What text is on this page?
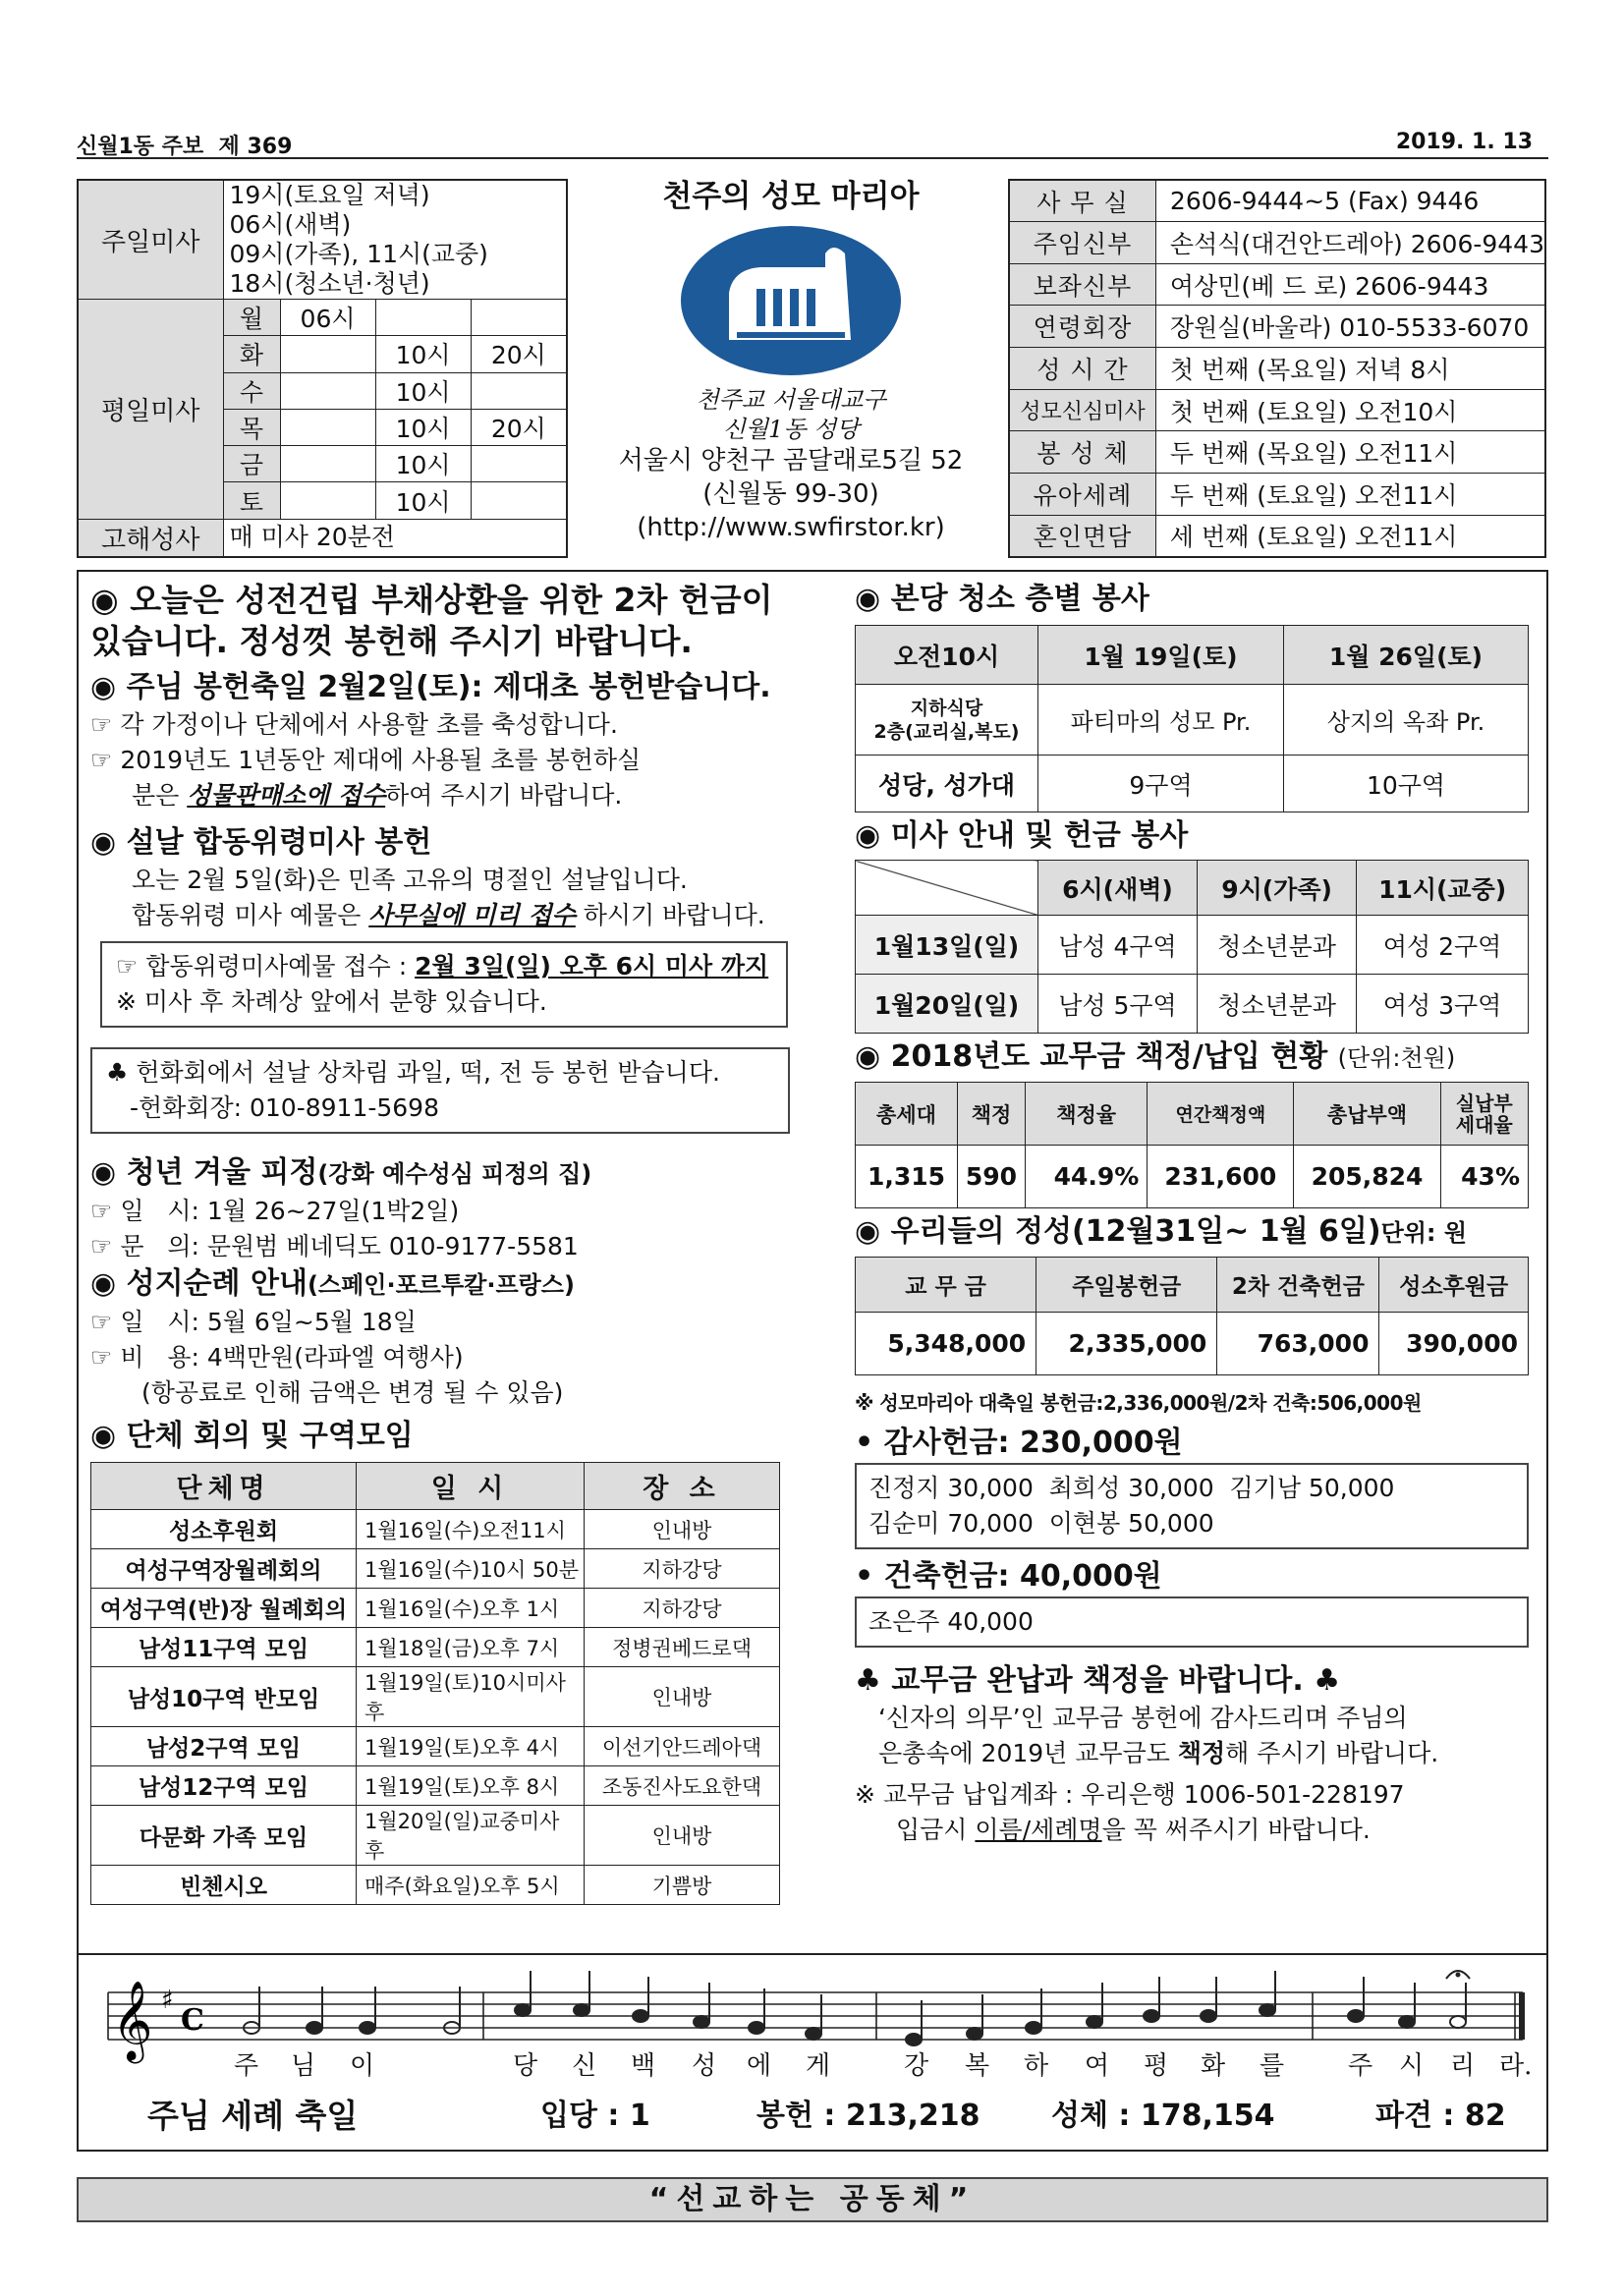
신월1동 주보  제 369	2019. 1. 13
주일미사	19시(토요일 저녁)
06시(새벽)
09시(가족), 11시(교중)
18시(청소년·청년)			

평일미사	월	06시		
	화		10시	20시
	수		10시	
	목		10시	20시
	금		10시	
	토		10시	
고해성사	매 미사 20분전			
천주의 성모 마리아
천주교 서울대교구
신월1동 성당
서울시 양천구 곰달래로5길 52
(신월동 99-30)
(http://www.swfirstor.kr)
사 무 실	2606-9444~5 (Fax) 9446
주임신부	손석식(대건안드레아) 2606-9443
보좌신부	여상민(베 드 로) 2606-9443
연령회장	장원실(바울라) 010-5533-6070
성 시 간	첫 번째 (목요일) 저녁 8시
성모신심미사	첫 번째 (토요일) 오전10시
봉 성 체	두 번째 (목요일) 오전11시
유아세례	두 번째 (토요일) 오전11시
혼인면담	세 번째 (토요일) 오전11시
◉ 오늘은 성전건립 부채상환을 위한 2차 헌금이
있습니다. 정성껏 봉헌해 주시기 바랍니다.
◉ 주님 봉헌축일 2월2일(토): 제대초 봉헌받습니다.
☞ 각 가정이나 단체에서 사용할 초를 축성합니다.
☞ 2019년도 1년동안 제대에 사용될 초를 봉헌하실
분은 성물판매소에 접수하여 주시기 바랍니다.
◉ 설날 합동위령미사 봉헌
오는 2월 5일(화)은 민족 고유의 명절인 설날입니다.
합동위령 미사 예물은 사무실에 미리 접수 하시기 바랍니다.
☞ 합동위령미사예물 접수 : 2월 3일(일) 오후 6시 미사 까지
※ 미사 후 차례상 앞에서 분향 있습니다.
♣ 헌화회에서 설날 상차림 과일, 떡, 전 등 봉헌 받습니다.
-헌화회장: 010-8911-5698
◉ 청년 겨울 피정(강화 예수성심 피정의 집)
☞ 일   시: 1월 26~27일(1박2일)
☞ 문   의: 문원범 베네딕도 010-9177-5581
◉ 성지순례 안내(스페인·포르투칼·프랑스)
☞ 일   시: 5월 6일~5월 18일
☞ 비   용: 4백만원(라파엘 여행사)
(항공료로 인해 금액은 변경 될 수 있음)
◉ 단체 회의 및 구역모임
단체명	일 시	장 소
성소후원회	1월16일(수)오전11시	인내방
여성구역장월례회의	1월16일(수)10시 50분	지하강당
여성구역(반)장 월례회의	1월16일(수)오후 1시	지하강당
남성11구역 모임	1월18일(금)오후 7시	정병권베드로댁
남성10구역 반모임	1월19일(토)10시미사 후	인내방
남성2구역 모임	1월19일(토)오후 4시	이선기안드레아댁
남성12구역 모임	1월19일(토)오후 8시	조동진사도요한댁
다문화 가족 모임	1월20일(일)교중미사 후	인내방
빈첸시오	매주(화요일)오후 5시	기쁨방
◉ 본당 청소 층별 봉사
오전10시	1월 19일(토)	1월 26일(토)

지하식당
2층(교리실,복도)	파티마의 성모 Pr.	상지의 옥좌 Pr.
성당, 성가대	9구역	10구역
◉ 미사 안내 및 헌금 봉사
	6시(새벽)	9시(가족)	11시(교중)
1월13일(일)	남성 4구역	청소년분과	여성 2구역
1월20일(일)	남성 5구역	청소년분과	여성 3구역
◉ 2018년도 교무금 책정/납입 현황 (단위:천원)
총세대	책정	책정율	연간책정액	총납부액	실납부
세대율

1,315	590	44.9%	231,600	205,824	43%
◉ 우리들의 정성(12월31일~ 1월 6일)단위: 원
교 무 금	주일봉헌금	2차 건축헌금	성소후원금
5,348,000	2,335,000	763,000	390,000
※ 성모마리아 대축일 봉헌금:2,336,000원/2차 건축:506,000원
• 감사헌금: 230,000원
진정지 30,000  최희성 30,000  김기남 50,000
김순미 70,000  이현봉 50,000
• 건축헌금: 40,000원
조은주 40,000
♣ 교무금 완납과 책정을 바랍니다. ♣
‘신자의 의무’인 교무금 봉헌에 감사드리며 주님의
은총속에 2019년 교무금도 책정해 주시기 바랍니다.
※ 교무금 납입계좌 : 우리은행 1006-501-228197
입금시 이름/세례명을 꼭 써주시기 바랍니다.
𝄞 ♯
C
주 님 이	당 신 백 성 에 게	강 복 하 여 평 화 를 주 시 리 라.
주님 세례 축일	입당 : 1	봉헌 : 213,218 성체 : 178,154	파견 : 82
“선교하는 공동체”
